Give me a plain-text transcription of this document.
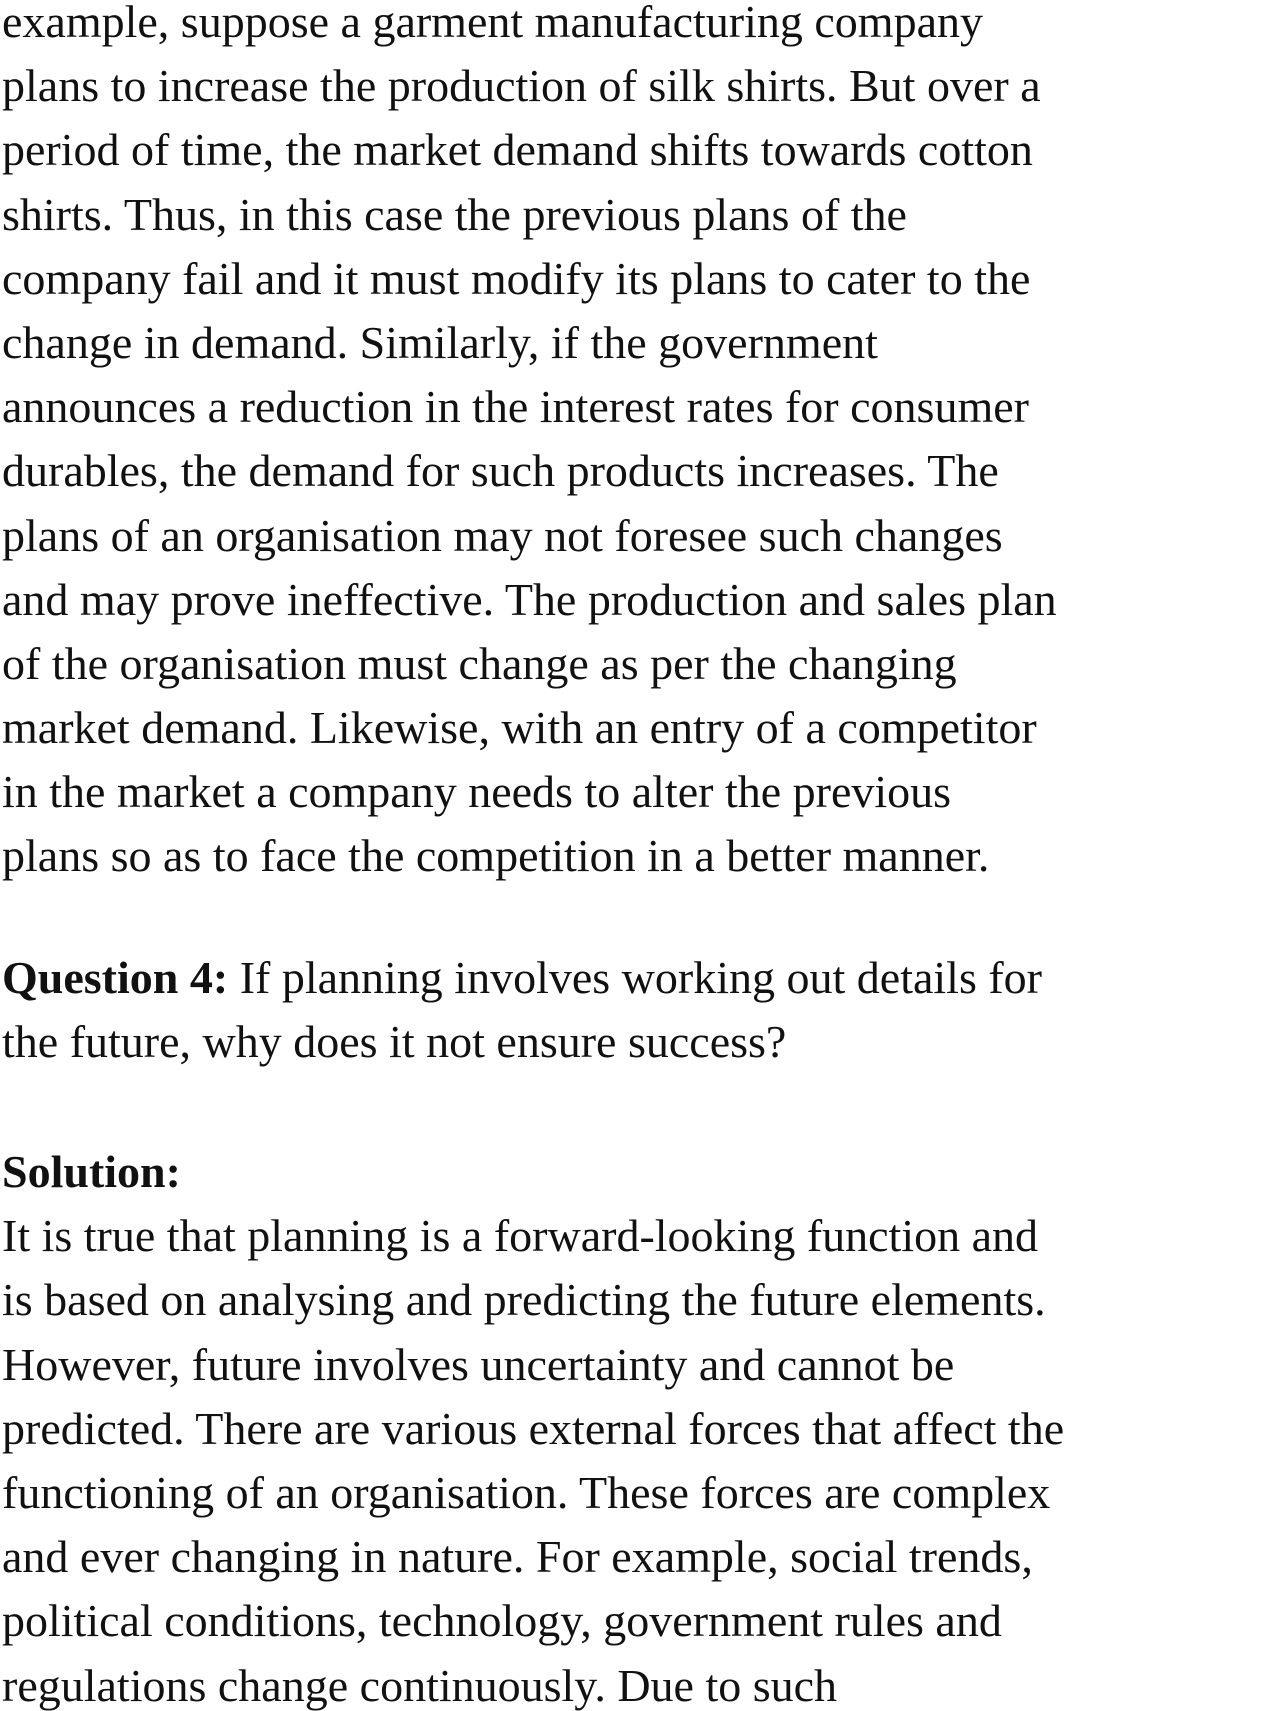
example, suppose a garment manufacturing company
plans to increase the production of silk shirts. But over a
period of time, the market demand shifts towards cotton
shirts. Thus, in this case the previous plans of the
company fail and it must modify its plans to cater to the
change in demand. Similarly, if the government
announces a reduction in the interest rates for consumer
durables, the demand for such products increases. The
plans of an organisation may not foresee such changes
and may prove ineffective. The production and sales plan
of the organisation must change as per the changing
market demand. Likewise, with an entry of a competitor
in the market a company needs to alter the previous
plans so as to face the competition in a better manner.
Question 4: If planning involves working out details for
the future, why does it not ensure success?
Solution:
It is true that planning is a forward-looking function and
is based on analysing and predicting the future elements.
However, future involves uncertainty and cannot be
predicted. There are various external forces that affect the
functioning of an organisation. These forces are complex
and ever changing in nature. For example, social trends,
political conditions, technology, government rules and
regulations change continuously. Due to such
